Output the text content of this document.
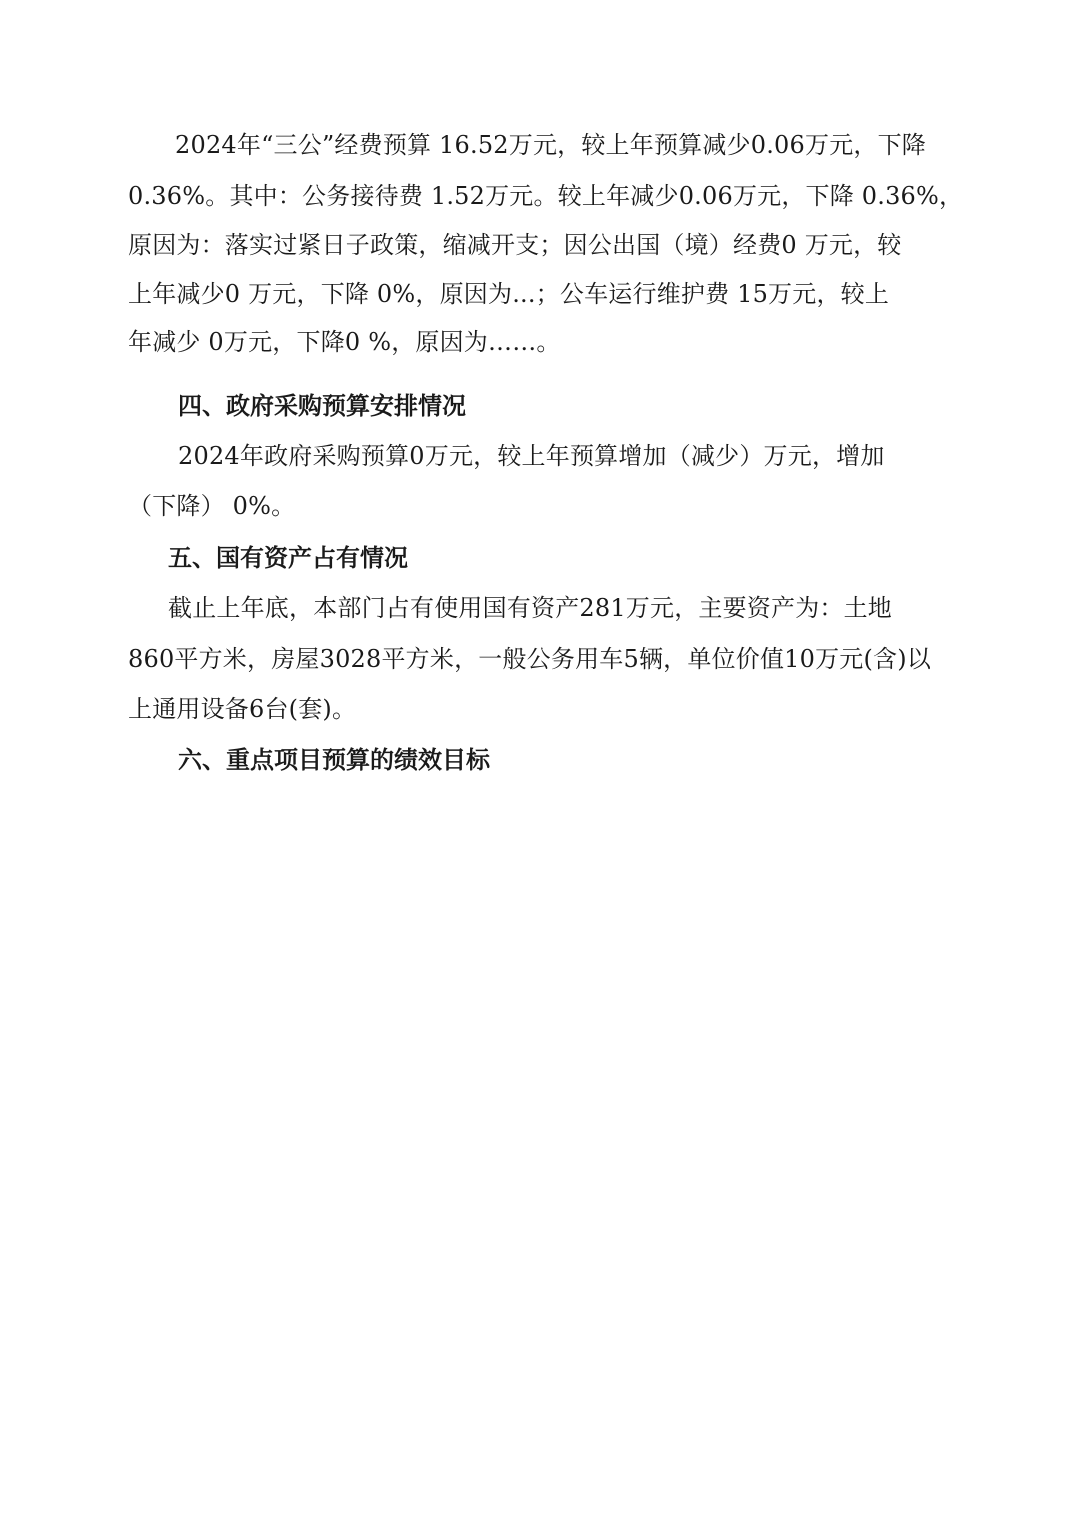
2024年“三公”经费预算 16.52万元，较上年预算减少0.06万元，下降
0.36%。其中：公务接待费 1.52万元。较上年减少0.06万元，下降 0.36%，
原因为：落实过紧日子政策，缩减开支；因公出国（境）经费0 万元，较
上年减少0 万元，下降 0%，原因为...；公车运行维护费 15万元，较上
年减少 0万元，下降0 %，原因为……。
四、政府采购预算安排情况
2024年政府采购预算0万元，较上年预算增加（减少）万元，增加
（下降） 0%。
五、国有资产占有情况
截止上年底，本部门占有使用国有资产281万元，主要资产为：土地
860平方米，房屋3028平方米，一般公务用车5辆，单位价值10万元(含)以
上通用设备6台(套)。
六、重点项目预算的绩效目标
